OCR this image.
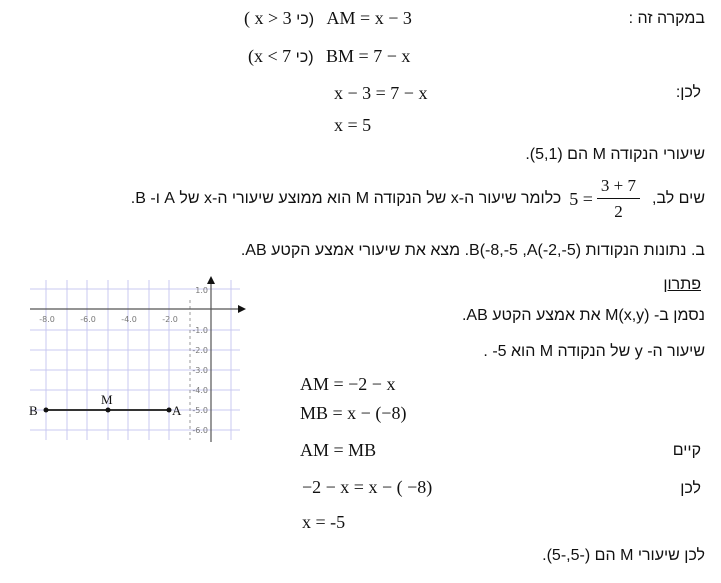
במקרה זה :
( x > 3 (כי AM = x − 3
(x < 7 (כי BM = 7 − x
לכן:
x − 3 = 7 − x
x = 5
שיעורי הנקודה M הם (5,1).
שים לב,
$5 = \frac{3 + 7}{2}$
כלומר שיעור ה-x של הנקודה M הוא ממוצע שיעורי ה-x של A ו- B.
ב. נתונות הנקודות (B(-8,-5 ,A(-2,-5. מצא את שיעורי אמצע הקטע AB.
פתרון
נסמן ב- M(x,y) את אמצע הקטע AB.
שיעור ה- y של הנקודה M הוא 5- .
AM = −2 − x
MB = x − (−8)
קיים
AM = MB
לכן
−2 − x = x − ( −8)
x = -5
לכן שיעורי M הם (-5,-5).
-8.0	-6.0	-4.0	-2.0
1.0
-1.0
-2.0
-3.0
-4.0
-5.0
-6.0
B
M
A
